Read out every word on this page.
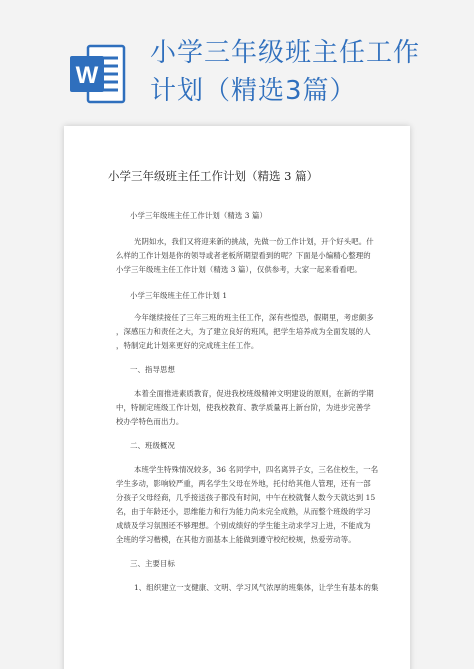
W
小学三年级班主任工作
计划（精选3篇）
小学三年级班主任工作计划（精选 3 篇）
小学三年级班主任工作计划（精选 3 篇）
光阴如水，我们又将迎来新的挑战，先做一份工作计划，开个好头吧。什
么样的工作计划是你的领导或者老板所期望看到的呢？下面是小编精心整理的
小学三年级班主任工作计划（精选 3 篇），仅供参考，大家一起来看看吧。
小学三年级班主任工作计划 1
今年继续接任了三年三班的班主任工作，深有些惶恐，假期里，考虑颇多
，深感压力和责任之大，为了建立良好的班风，把学生培养成为全面发展的人
，特制定此计划来更好的完成班主任工作。
一、指导思想
本着全面推进素质教育，促进我校班级精神文明建设的原则，在新的学期
中，特制定班级工作计划，使我校教育、教学质量再上新台阶，为进步完善学
校办学特色而出力。
二、班级概况
本班学生特殊情况较多，36 名同学中，四名离异子女，三名住校生，一名
学生多动，影响较严重，两名学生父母在外地，托付给其他人管理，还有一部
分孩子父母经商，几乎接送孩子都没有时间，中午在校就餐人数今天就达到 15
名，由于年龄还小，思维能力和行为能力尚未完全成熟，从而整个班级的学习
成绩及学习氛围还不够理想。个别成绩好的学生能主动求学习上进，不能成为
全班的学习楷模，在其他方面基本上能做到遵守校纪校规，热爱劳动等。
三、主要目标
1、组织建立一支健康、文明、学习风气浓厚的班集体，让学生有基本的集
